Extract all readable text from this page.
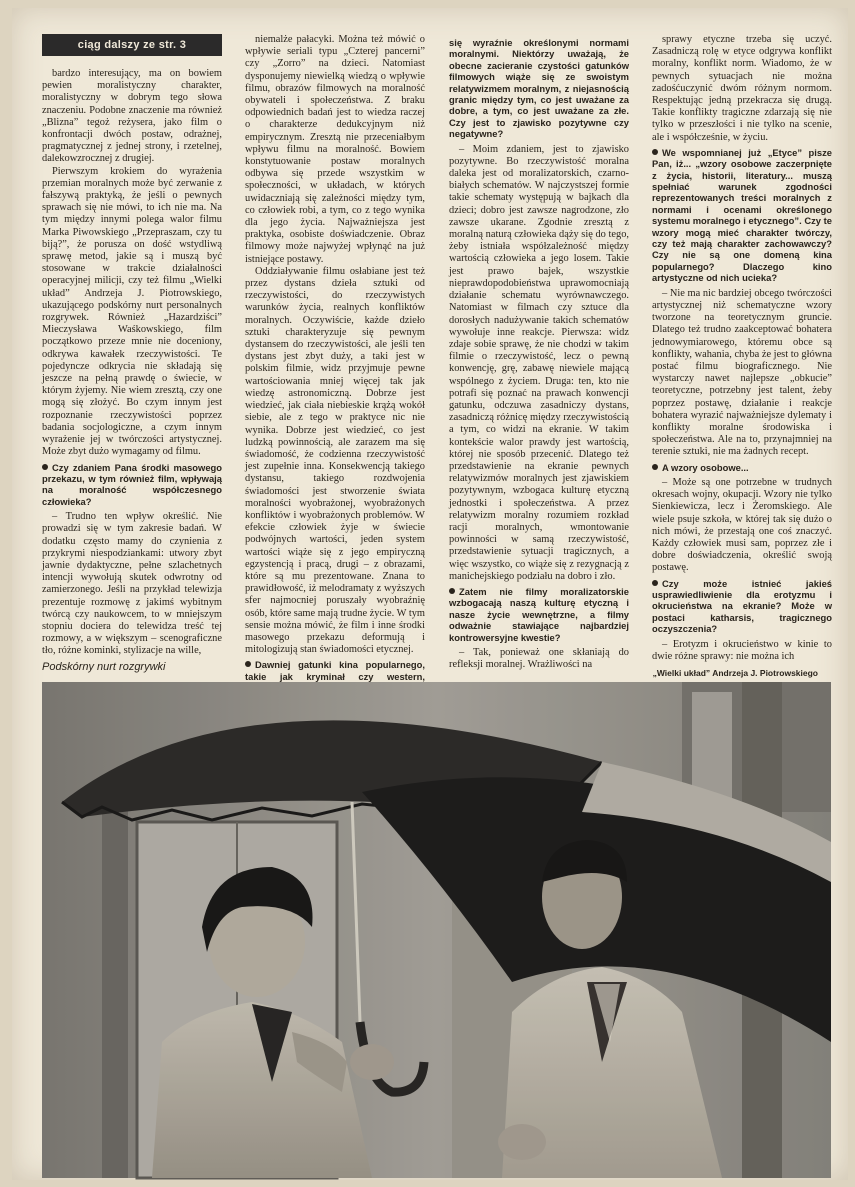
ciąg dalszy ze str. 3

bardzo interesujący, ma on bowiem pewien moralistyczny charakter, moralistyczny w dobrym tego słowa znaczeniu. Podobne znaczenie ma również „Blizna” tegoż reżysera, jako film o konfrontacji dwóch postaw, odrażnej, pragmatycznej z jednej strony, i rzetelnej, dalekowzrocznej z drugiej.

Pierwszym krokiem do wyrażenia przemian moralnych może być zerwanie z fałszywą praktyką, że jeśli o pewnych sprawach się nie mówi, to ich nie ma. Na tym między innymi polega walor filmu Marka Piwowskiego „Przepraszam, czy tu biją?”, że porusza on dość wstydliwą sprawę metod, jakie są i muszą być stosowane w trakcie działalności operacyjnej milicji, czy też filmu „Wielki układ” Andrzeja J. Piotrowskiego, ukazującego podskórny nurt personalnych rozgrywek. Również „Hazardziści” Mieczysława Waśkowskiego, film początkowo przeze mnie nie doceniony, odkrywa kawałek rzeczywistości. Te pojedyncze odkrycia nie składają się jeszcze na pełną prawdę o świecie, w którym żyjemy. Nie wiem zresztą, czy one mogą się złożyć. Bo czym innym jest rozpoznanie rzeczywistości poprzez badania socjologiczne, a czym innym wyrażenie jej w twórczości artystycznej. Może zbyt dużo wymagamy od filmu.

Czy zdaniem Pana środki masowego przekazu, w tym również film, wpływają na moralność współczesnego człowieka?

– Trudno ten wpływ określić. Nie prowadzi się w tym zakresie badań. W dodatku często mamy do czynienia z przykrymi niespodziankami: utwory zbyt jawnie dydaktyczne, pełne szlachetnych intencji wywołują skutek odwrotny od zamierzonego. Jeśli na przykład telewizja prezentuje rozmowę z jakimś wybitnym twórcą czy naukowcem, to w mniejszym stopniu dociera do telewidza treść tej rozmowy, a w większym – scenograficzne tło, różne kominki, stylizacje na wille,

niemalże pałacyki. Można też mówić o wpływie seriali typu „Czterej pancerni” czy „Zorro” na dzieci. Natomiast dysponujemy niewielką wiedzą o wpływie filmu, obrazów filmowych na moralność obywateli i społeczeństwa. Z braku odpowiednich badań jest to wiedza raczej o charakterze dedukcyjnym niż empirycznym. Zresztą nie przeceniałbym wpływu filmu na moralność. Bowiem konstytuowanie postaw moralnych odbywa się przede wszystkim w społeczności, w układach, w których uwidaczniają się zależności między tym, co człowiek robi, a tym, co z tego wynika dla jego życia. Najważniejsza jest praktyka, osobiste doświadczenie. Obraz filmowy może najwyżej wpłynąć na już istniejące postawy.

Oddziaływanie filmu osłabiane jest też przez dystans dzieła sztuki od rzeczywistości, do rzeczywistych warunków życia, realnych konfliktów moralnych. Oczywiście, każde dzieło sztuki charakteryzuje się pewnym dystansem do rzeczywistości, ale jeśli ten dystans jest zbyt duży, a taki jest w polskim filmie, widz przyjmuje pewne wartościowania mniej więcej tak jak wiedzę astronomiczną. Dobrze jest wiedzieć, jak ciała niebieskie krążą wokół siebie, ale z tego w praktyce nic nie wynika. Dobrze jest wiedzieć, co jest ludzką powinnością, ale zarazem ma się świadomość, że codzienna rzeczywistość jest zupełnie inna. Konsekwencją takiego dystansu, takiego rozdwojenia świadomości jest stworzenie świata moralności wyobrażonej, wyobrażonych konfliktów i wyobrażonych problemów. W efekcie człowiek żyje w świecie podwójnych wartości, jeden system wartości wiąże się z jego empiryczną egzystencją i pracą, drugi – z obrazami, które są mu prezentowane. Znana to prawidłowość, iż melodramaty z wyższych sfer najmocniej poruszały wyobraźnię osób, które same mają trudne życie. W tym sensie można mówić, że film i inne środki masowego przekazu deformują i mitologizują stan świadomości etycznej.

Dawniej gatunki kina popularnego, takie jak kryminał czy western,

się wyraźnie określonymi normami moralnymi. Niektórzy uważają, że obecne zacieranie czystości gatunków filmowych wiąże się ze swoistym relatywizmem moralnym, z niejasnością granic między tym, co jest uważane za dobre, a tym, co jest uważane za złe. Czy jest to zjawisko pozytywne czy negatywne?

– Moim zdaniem, jest to zjawisko pozytywne. Bo rzeczywistość moralna daleka jest od moralizatorskich, czarno-białych schematów. W najczystszej formie takie schematy występują w bajkach dla dzieci; dobro jest zawsze nagrodzone, zło zawsze ukarane. Zgodnie zresztą z moralną naturą człowieka dąży się do tego, żeby istniała współzależność między wartością człowieka a jego losem. Takie jest prawo bajek, wszystkie nieprawdopodobieństwa uprawomocniają działanie schematu wyrównawczego. Natomiast w filmach czy sztuce dla dorosłych nadużywanie takich schematów wywołuje inne reakcje. Pierwsza: widz zdaje sobie sprawę, że nie chodzi w takim filmie o rzeczywistość, lecz o pewną konwencję, grę, zabawę niewiele mającą wspólnego z życiem. Druga: ten, kto nie potrafi się poznać na prawach konwencji gatunku, odczuwa zasadniczy dystans, zasadniczą różnicę między rzeczywistością a tym, co widzi na ekranie. W takim kontekście walor prawdy jest wartością, której nie sposób przecenić. Dlatego też przedstawienie na ekranie pewnych relatywizmów moralnych jest zjawiskiem pozytywnym, wzbogaca kulturę etyczną jednostki i społeczeństwa. A przez relatywizm moralny rozumiem rozkład racji moralnych, wmontowanie powinności w samą rzeczywistość, przedstawienie sytuacji tragicznych, a więc wszystko, co wiąże się z rezygnacją z manichejskiego podziału na dobro i zło.

Zatem nie filmy moralizatorskie wzbogacają naszą kulturę etyczną i nasze życie wewnętrzne, a filmy odważnie stawiające najbardziej kontrowersyjne kwestie?

– Tak, ponieważ one skłaniają do refleksji moralnej. Wrażliwości na

sprawy etyczne trzeba się uczyć. Zasadniczą rolę w etyce odgrywa konflikt moralny, konflikt norm. Wiadomo, że w pewnych sytuacjach nie można zadośćuczynić dwóm różnym normom. Respektując jedną przekracza się drugą. Takie konflikty tragiczne zdarzają się nie tylko w przeszłości i nie tylko na scenie, ale i współcześnie, w życiu.

We wspomnianej już „Etyce” pisze Pan, iż... „wzory osobowe zaczerpnięte z życia, historii, literatury... muszą spełniać warunek zgodności reprezentowanych treści moralnych z normami i ocenami określonego systemu moralnego i etycznego”. Czy te wzory mogą mieć charakter twórczy, czy też mają charakter zachowawczy? Czy nie są one domeną kina popularnego? Dlaczego kino artystyczne od nich ucieka?

– Nie ma nic bardziej obcego twórczości artystycznej niż schematyczne wzory tworzone na teoretycznym gruncie. Dlatego też trudno zaakceptować bohatera jednowymiarowego, któremu obce są konflikty, wahania, chyba że jest to główna postać filmu biograficznego. Nie wystarczy nawet najlepsze „obkucie” teoretyczne, potrzebny jest talent, żeby poprzez postawę, działanie i reakcje bohatera wyrazić najważniejsze dylematy i konflikty moralne środowiska i społeczeństwa. Ale na to, przynajmniej na terenie sztuki, nie ma żadnych recept.

A wzory osobowe...

– Może są one potrzebne w trudnych okresach wojny, okupacji. Wzory nie tylko Sienkiewicza, lecz i Żeromskiego. Ale wiele psuje szkoła, w której tak się dużo o nich mówi, że przestają one coś znaczyć. Każdy człowiek musi sam, poprzez złe i dobre doświadczenia, określić swoją postawę.

Czy może istnieć jakieś usprawiedliwienie dla erotyzmu i okrucieństwa na ekranie? Może w postaci katharsis, tragicznego oczyszczenia?

– Erotyzm i okrucieństwo w kinie to dwie różne sprawy: nie można ich

Podskórny nurt rozgrywki	„Wielki układ” Andrzeja J. Piotrowskiego
